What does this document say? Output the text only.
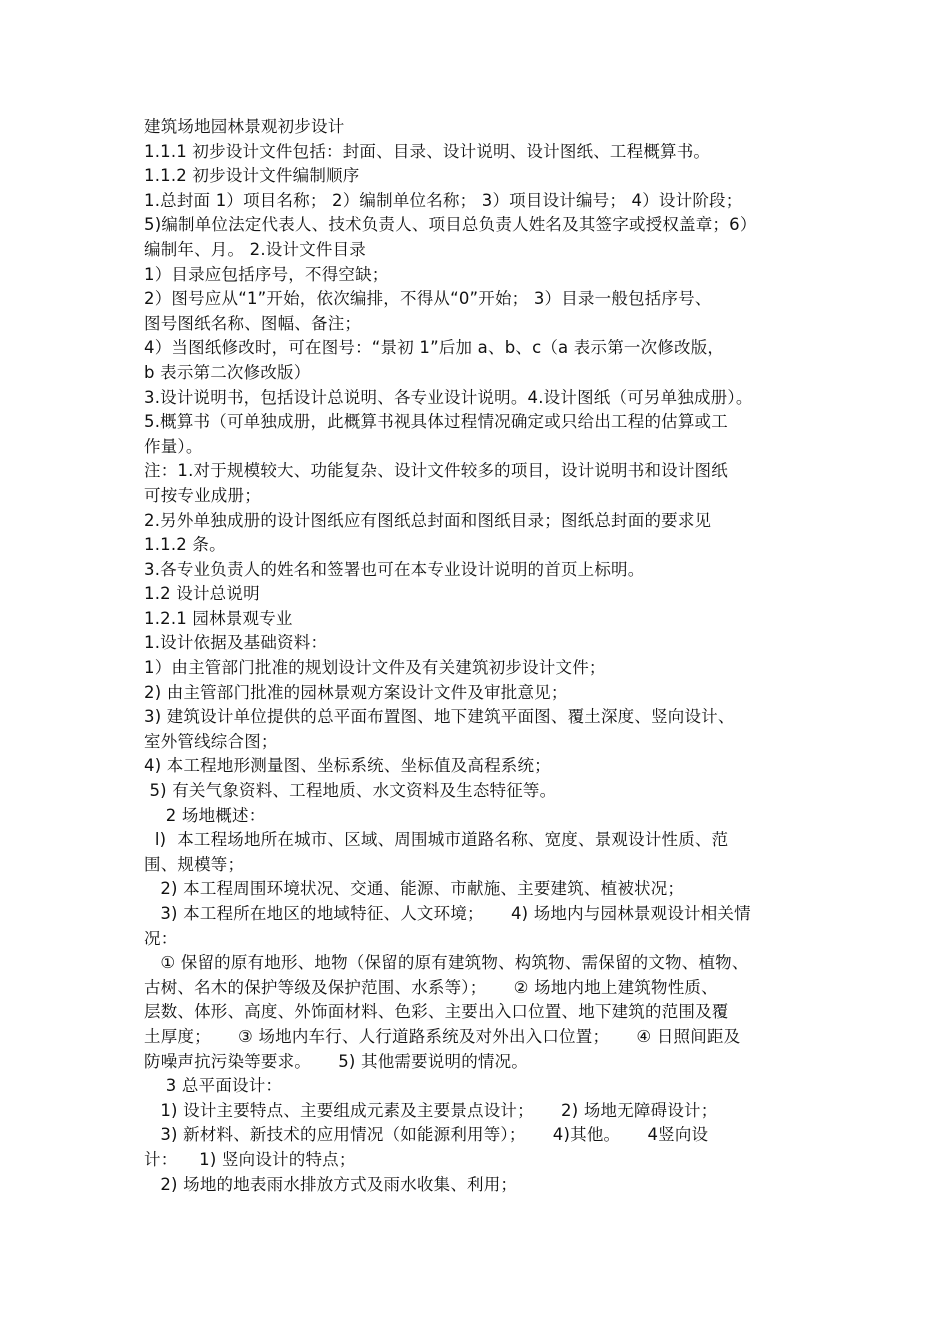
建筑场地园林景观初步设计

1.1.1 初步设计文件包括：封面、目录、设计说明、设计图纸、工程概算书。

1.1.2 初步设计文件编制顺序

1.总封面 1）项目名称； 2）编制单位名称； 3）项目设计编号； 4）设计阶段；

5)编制单位法定代表人、技术负责人、项目总负责人姓名及其签字或授权盖章；6）

编制年、月。 2.设计文件目录

1）目录应包括序号，不得空缺；

2）图号应从“1”开始，依次编排，不得从“0”开始； 3）目录一般包括序号、

图号图纸名称、图幅、备注；

4）当图纸修改时，可在图号：“景初 1”后加 a、b、c（a 表示第一次修改版，

b 表示第二次修改版）

3.设计说明书，包括设计总说明、各专业设计说明。4.设计图纸（可另单独成册）。

5.概算书（可单独成册，此概算书视具体过程情况确定或只给出工程的估算或工

作量）。

注：1.对于规模较大、功能复杂、设计文件较多的项目，设计说明书和设计图纸

可按专业成册；

2.另外单独成册的设计图纸应有图纸总封面和图纸目录；图纸总封面的要求见

1.1.2 条。

3.各专业负责人的姓名和签署也可在本专业设计说明的首页上标明。

1.2 设计总说明

1.2.1 园林景观专业

1.设计依据及基础资料：

1）由主管部门批准的规划设计文件及有关建筑初步设计文件；

2) 由主管部门批准的园林景观方案设计文件及审批意见；

3) 建筑设计单位提供的总平面布置图、地下建筑平面图、覆土深度、竖向设计、

室外管线综合图；

4) 本工程地形测量图、坐标系统、坐标值及高程系统；

5) 有关气象资料、工程地质、水文资料及生态特征等。

2 场地概述：

l)  本工程场地所在城市、区域、周围城市道路名称、宽度、景观设计性质、范

围、规模等；

2) 本工程周围环境状况、交通、能源、市献施、主要建筑、植被状况；

3) 本工程所在地区的地域特征、人文环境；     4) 场地内与园林景观设计相关情

况：

① 保留的原有地形、地物（保留的原有建筑物、构筑物、需保留的文物、植物、

古树、名木的保护等级及保护范围、水系等）；     ② 场地内地上建筑物性质、

层数、体形、高度、外饰面材料、色彩、主要出入口位置、地下建筑的范围及覆

土厚度；     ③ 场地内车行、人行道路系统及对外出入口位置；     ④ 日照间距及

防噪声抗污染等要求。     5) 其他需要说明的情况。

3 总平面设计：

1) 设计主要特点、主要组成元素及主要景点设计；     2) 场地无障碍设计；

3) 新材料、新技术的应用情况（如能源利用等）；     4)其他。     4竖向设

计：    1) 竖向设计的特点；

2) 场地的地表雨水排放方式及雨水收集、利用；
